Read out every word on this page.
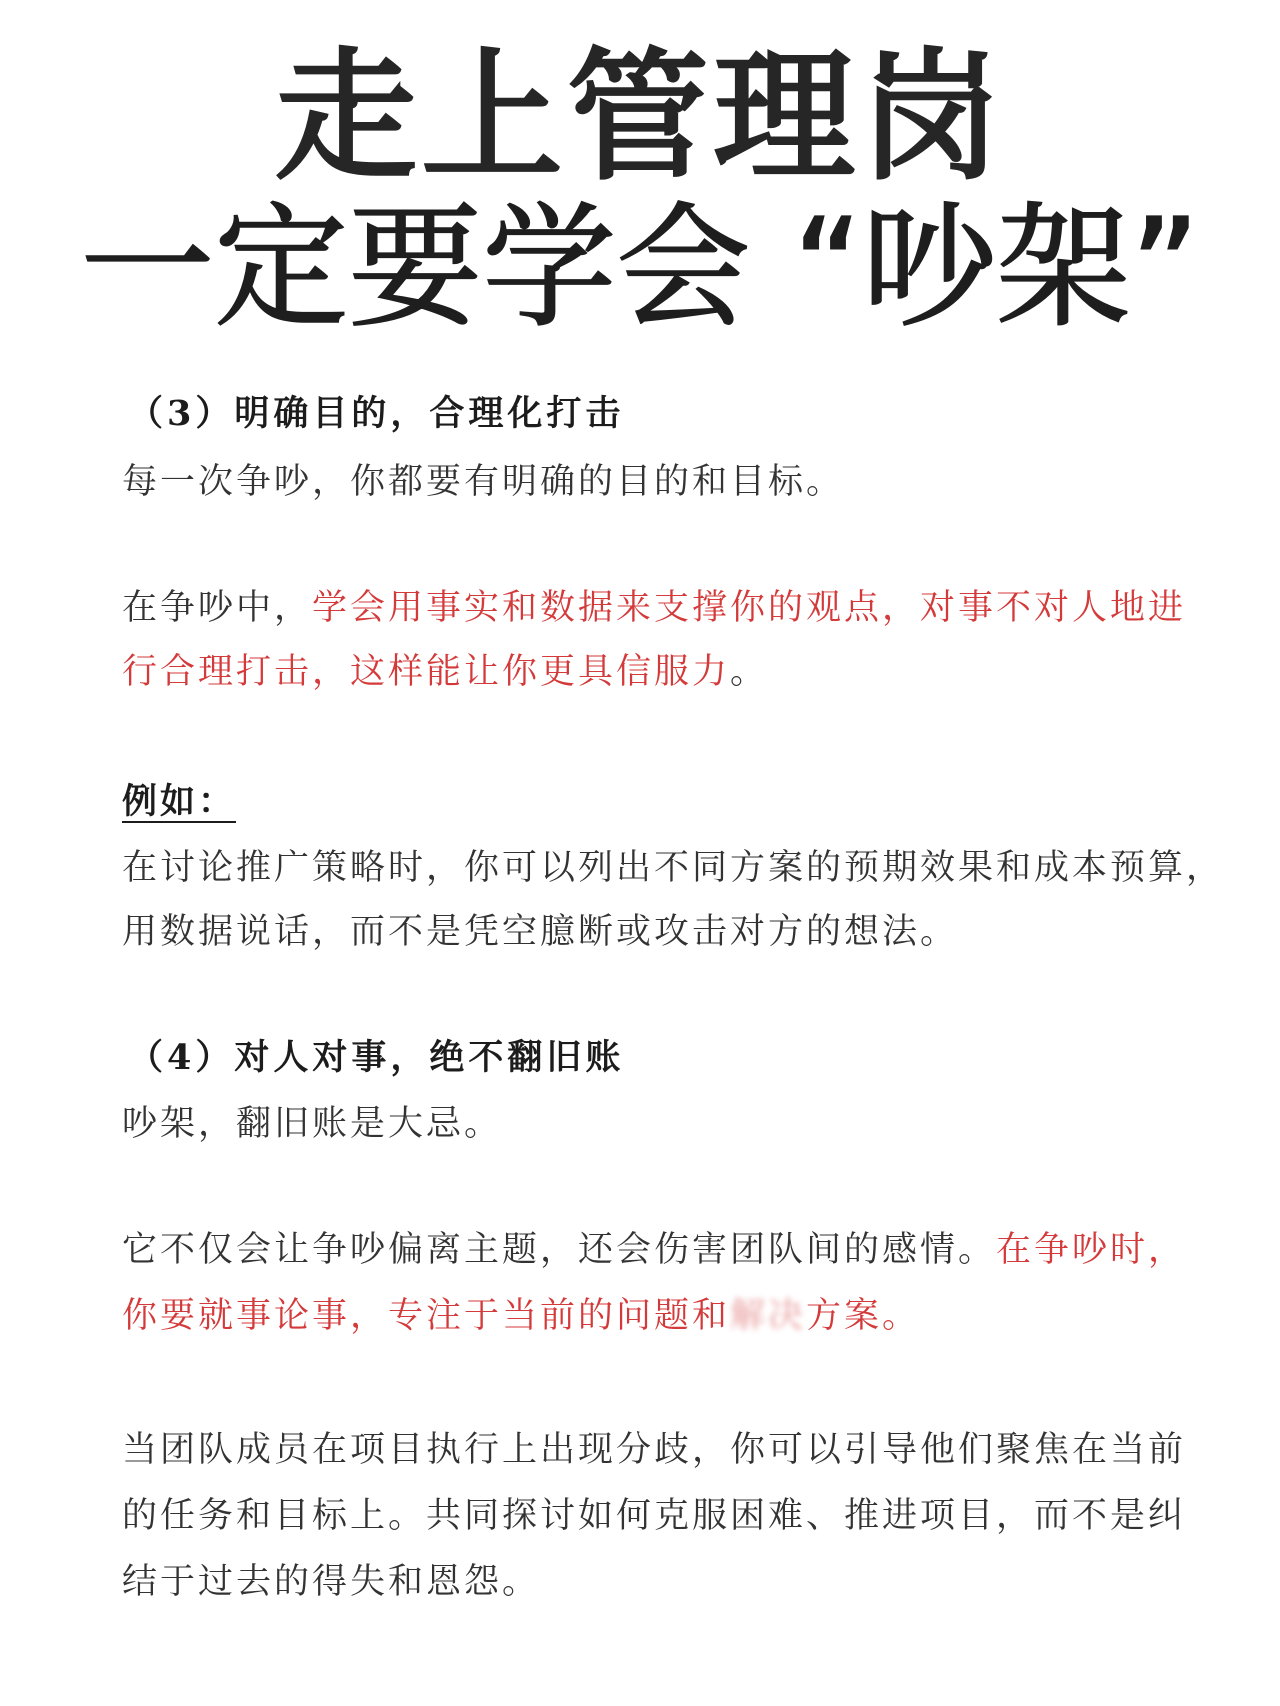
走上管理岗
一定要学会 “吵架”
（3）明确目的，合理化打击
每一次争吵，你都要有明确的目的和目标。
在争吵中，学会用事实和数据来支撑你的观点，对事不对人地进
行合理打击，这样能让你更具信服力。
例如：
在讨论推广策略时，你可以列出不同方案的预期效果和成本预算，
用数据说话，而不是凭空臆断或攻击对方的想法。
（4）对人对事，绝不翻旧账
吵架，翻旧账是大忌。
它不仅会让争吵偏离主题，还会伤害团队间的感情。在争吵时，
你要就事论事，专注于当前的问题和解决方案。
当团队成员在项目执行上出现分歧，你可以引导他们聚焦在当前
的任务和目标上。共同探讨如何克服困难、推进项目，而不是纠
结于过去的得失和恩怨。
